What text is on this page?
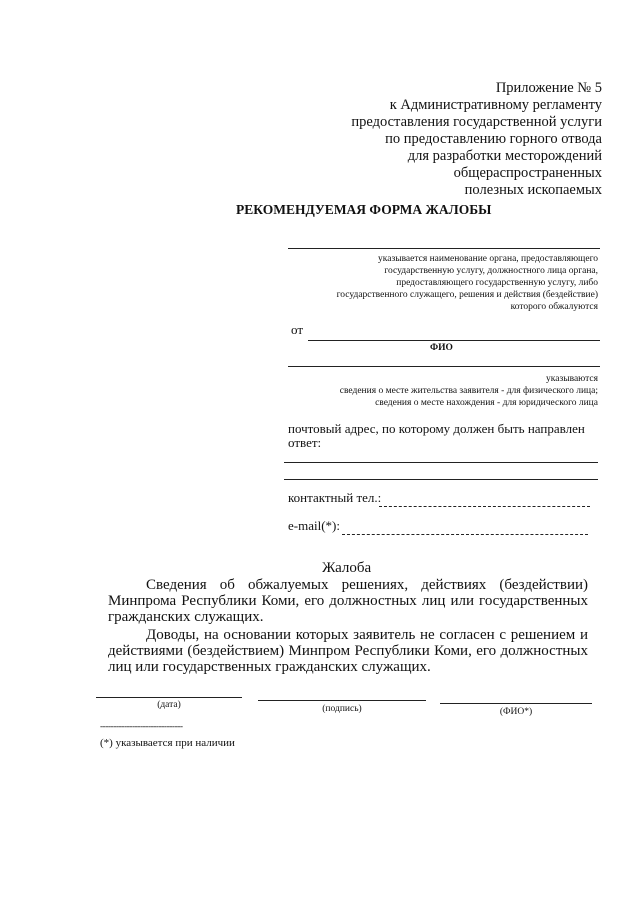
Приложение № 5
к Административному регламенту
предоставления государственной услуги
по предоставлению горного отвода
для разработки месторождений
общераспространенных
полезных ископаемых
РЕКОМЕНДУЕМАЯ ФОРМА ЖАЛОБЫ
указывается наименование органа, предоставляющего
государственную услугу, должностного лица органа,
предоставляющего государственную услугу, либо
государственного служащего, решения и действия (бездействие)
которого обжалуются
от
ФИО
указываются
сведения о месте жительства заявителя - для физического лица;
сведения о месте нахождения - для юридического лица
почтовый адрес, по которому должен быть направлен ответ:
контактный тел.:
e-mail(*):
Жалоба
Сведения об обжалуемых решениях, действиях (бездействии) Минпрома Республики Коми, его должностных лиц или государственных гражданских служащих.
Доводы, на основании которых заявитель не согласен с решением и действиями (бездействием) Минпром Республики Коми, его должностных лиц или государственных гражданских служащих.
(дата)	(подпись)	(ФИО*)
-------------------------------
(*) указывается при наличии
